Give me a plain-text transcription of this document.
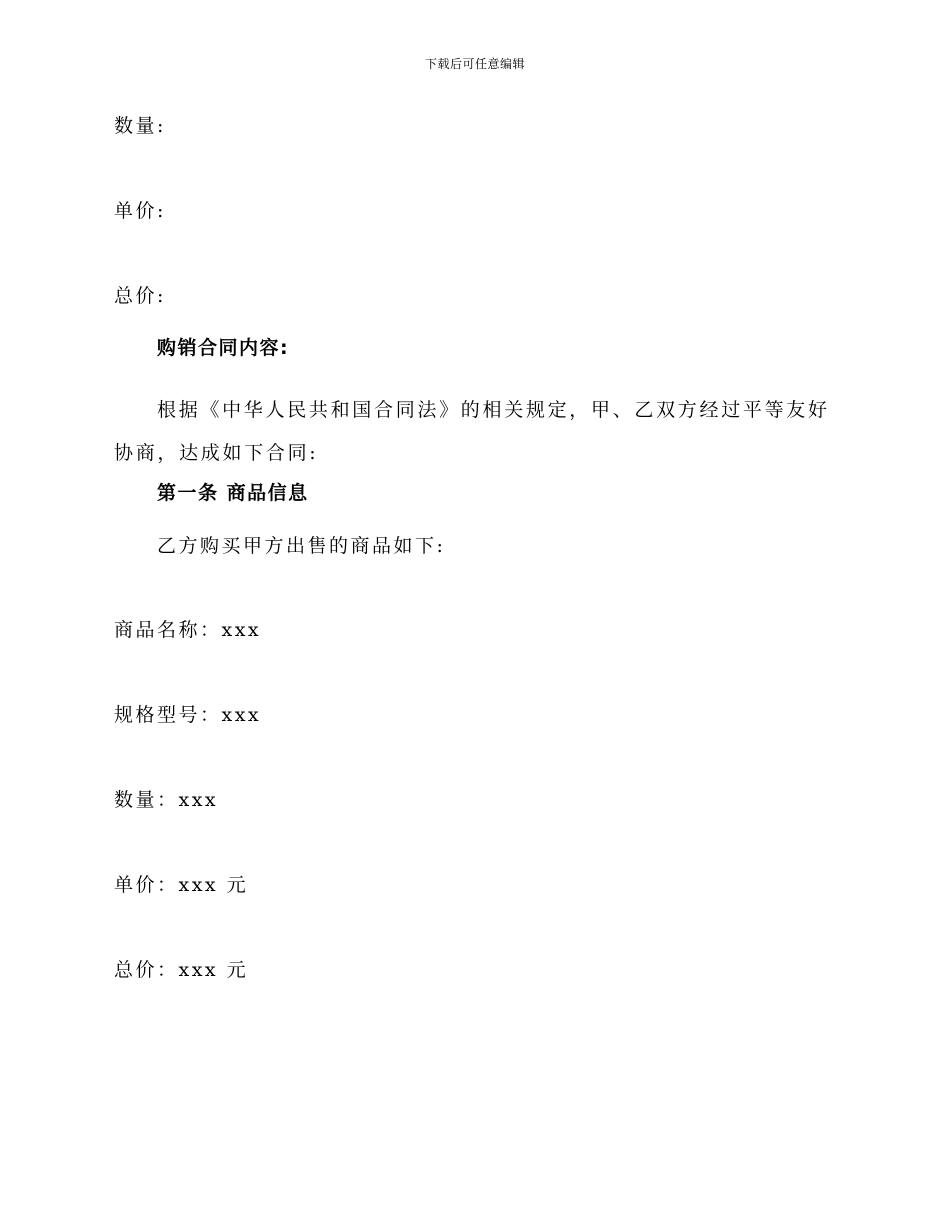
下载后可任意编辑
数量:
单价:
总价:
购销合同内容:
根据《中华人民共和国合同法》的相关规定，甲、乙双方经过平等友好协商，达成如下合同:
第一条 商品信息
乙方购买甲方出售的商品如下:
商品名称：xxx
规格型号：xxx
数量：xxx
单价：xxx 元
总价：xxx 元
